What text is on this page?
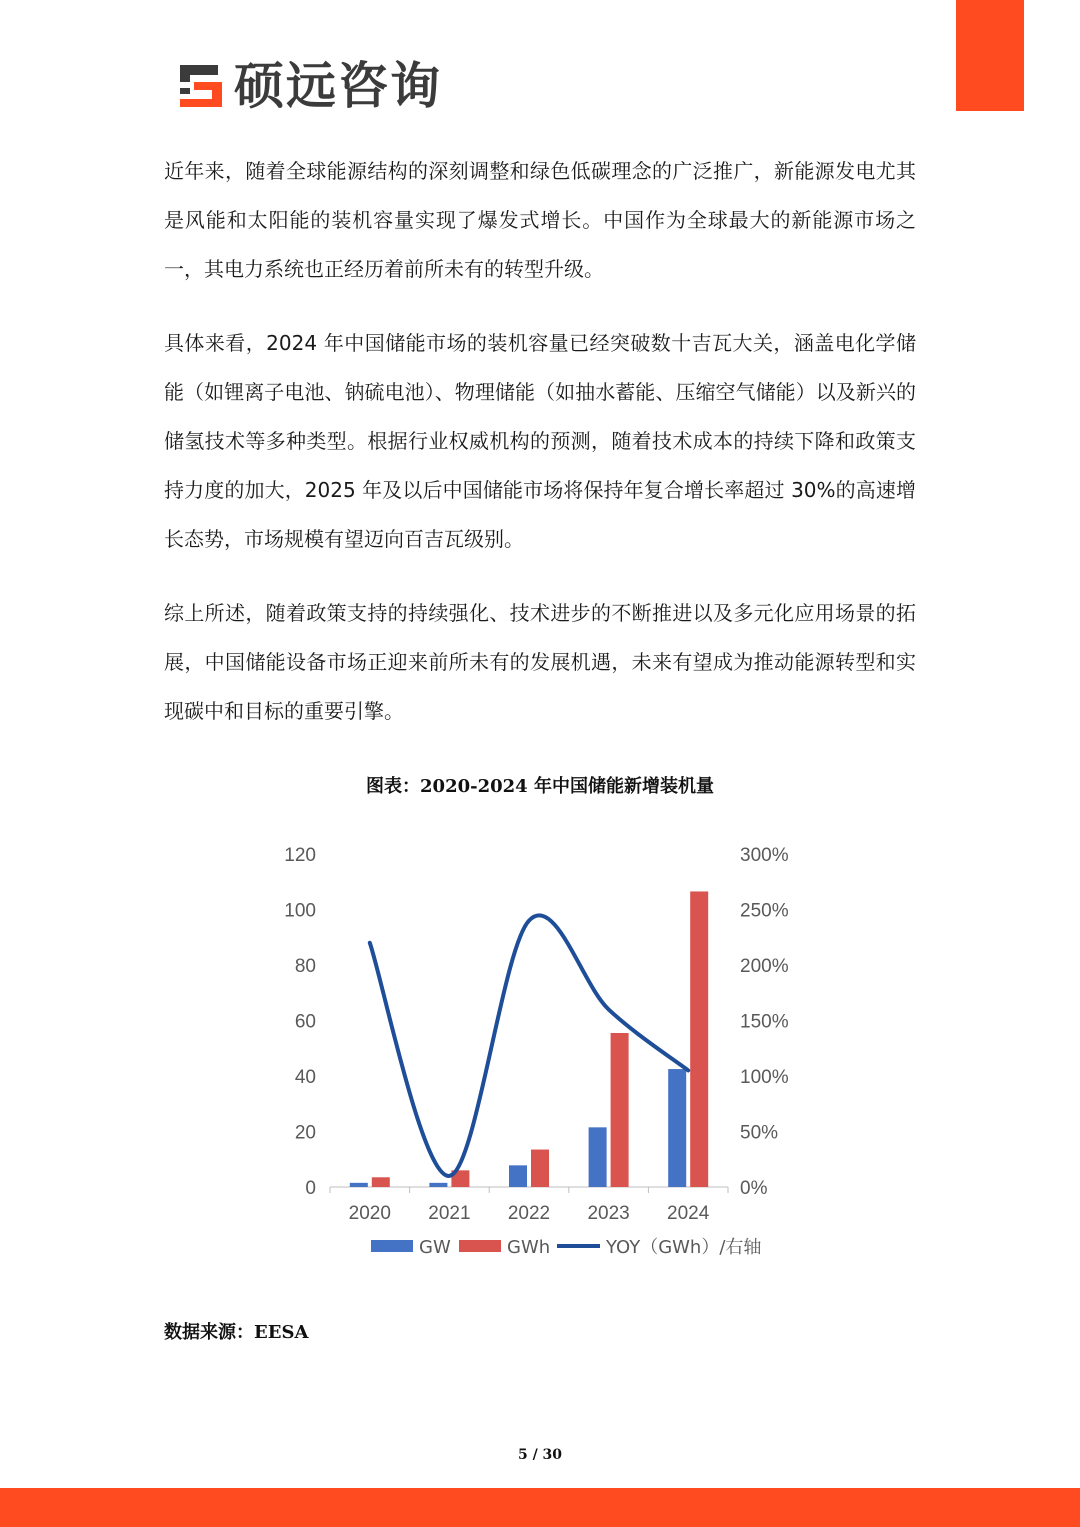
硕远咨询

近年来，随着全球能源结构的深刻调整和绿色低碳理念的广泛推广，新能源发电尤其是风能和太阳能的装机容量实现了爆发式增长。中国作为全球最大的新能源市场之一，其电力系统也正经历着前所未有的转型升级。

具体来看，2024 年中国储能市场的装机容量已经突破数十吉瓦大关，涵盖电化学储能（如锂离子电池、钠硫电池）、物理储能（如抽水蓄能、压缩空气储能）以及新兴的储氢技术等多种类型。根据行业权威机构的预测，随着技术成本的持续下降和政策支持力度的加大，2025 年及以后中国储能市场将保持年复合增长率超过 30%的高速增长态势，市场规模有望迈向百吉瓦级别。

综上所述，随着政策支持的持续强化、技术进步的不断推进以及多元化应用场景的拓展，中国储能设备市场正迎来前所未有的发展机遇，未来有望成为推动能源转型和实现碳中和目标的重要引擎。

图表：2020-2024 年中国储能新增装机量
0
20
40
60
80
100
120
0%
50%
100%
150%
200%
250%
300%
2020 2021 2022 2023 2024
GW	GWh	YOY（GWh）/右轴
数据来源：EESA
5 / 30
